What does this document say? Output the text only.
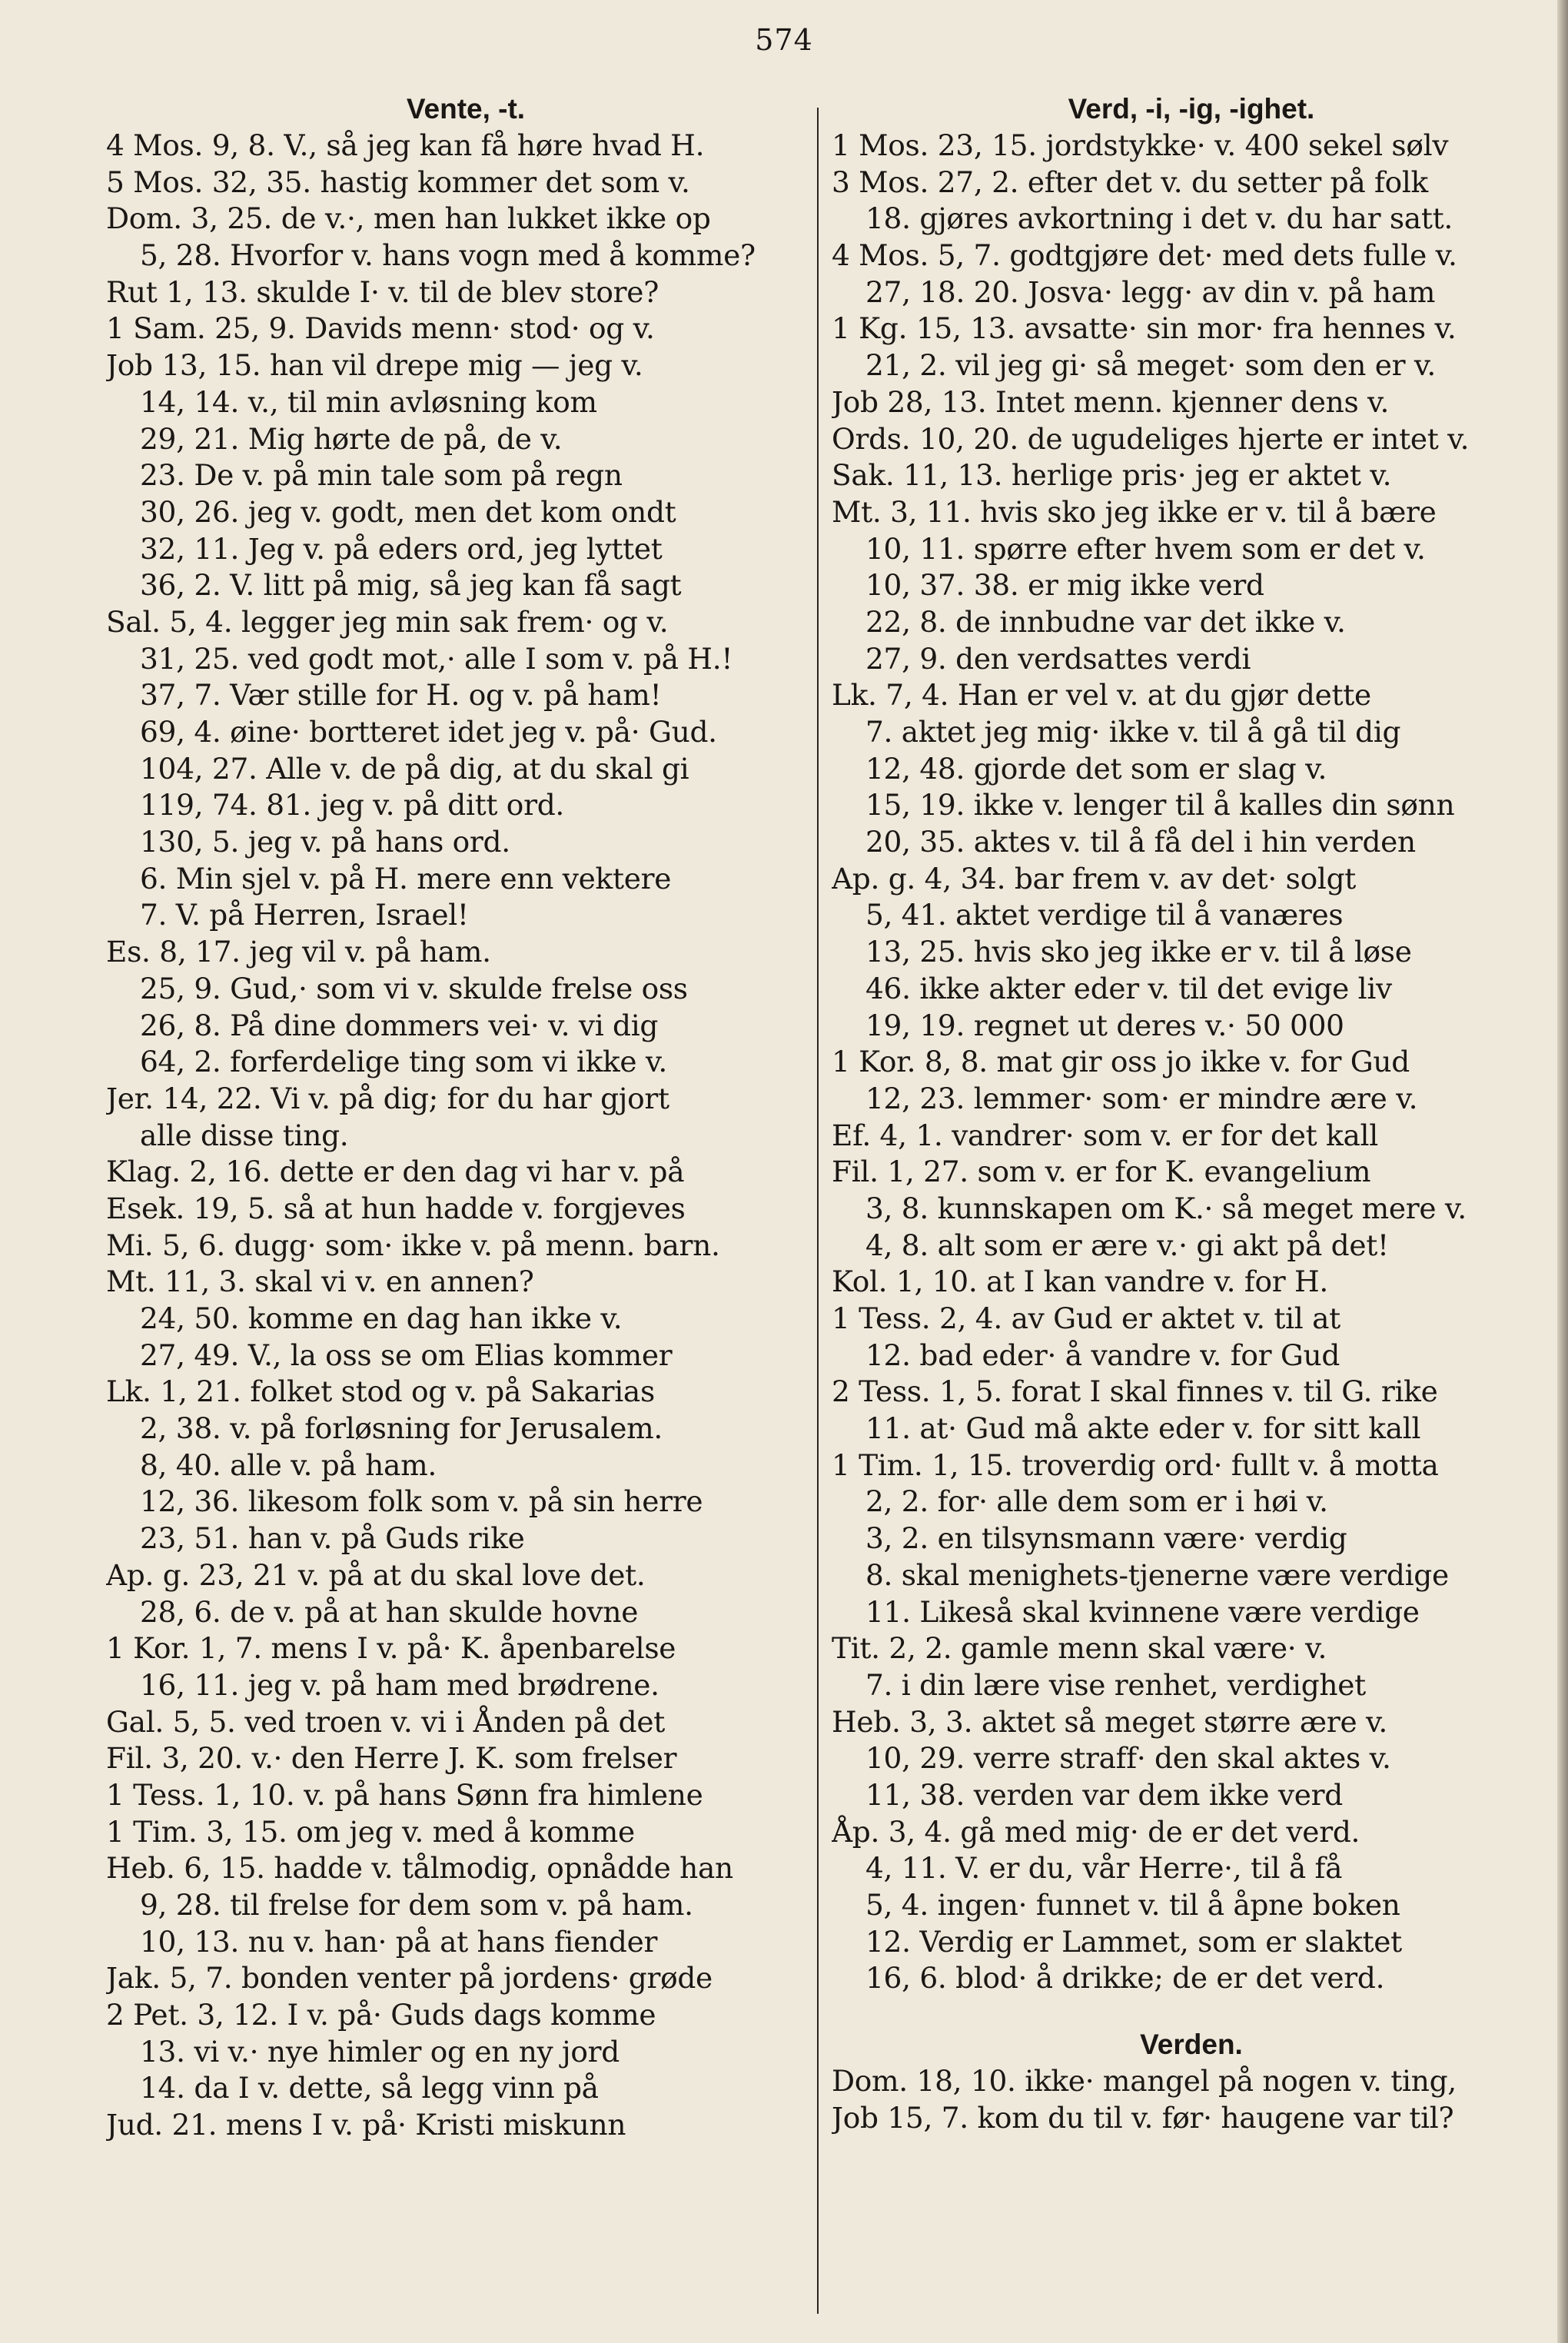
574
Vente, -t.
4 Mos. 9, 8. V., så jeg kan få høre hvad H.
5 Mos. 32, 35. hastig kommer det som v.
Dom. 3, 25. de v.·, men han lukket ikke op
5, 28. Hvorfor v. hans vogn med å komme?
Rut 1, 13. skulde I· v. til de blev store?
1 Sam. 25, 9. Davids menn· stod· og v.
Job 13, 15. han vil drepe mig — jeg v.
14, 14. v., til min avløsning kom
29, 21. Mig hørte de på, de v.
23. De v. på min tale som på regn
30, 26. jeg v. godt, men det kom ondt
32, 11. Jeg v. på eders ord, jeg lyttet
36, 2. V. litt på mig, så jeg kan få sagt
Sal. 5, 4. legger jeg min sak frem· og v.
31, 25. ved godt mot,· alle I som v. på H.!
37, 7. Vær stille for H. og v. på ham!
69, 4. øine· bortteret idet jeg v. på· Gud.
104, 27. Alle v. de på dig, at du skal gi
119, 74. 81. jeg v. på ditt ord.
130, 5. jeg v. på hans ord.
6. Min sjel v. på H. mere enn vektere
7. V. på Herren, Israel!
Es. 8, 17. jeg vil v. på ham.
25, 9. Gud,· som vi v. skulde frelse oss
26, 8. På dine dommers vei· v. vi dig
64, 2. forferdelige ting som vi ikke v.
Jer. 14, 22. Vi v. på dig; for du har gjort
alle disse ting.
Klag. 2, 16. dette er den dag vi har v. på
Esek. 19, 5. så at hun hadde v. forgjeves
Mi. 5, 6. dugg· som· ikke v. på menn. barn.
Mt. 11, 3. skal vi v. en annen?
24, 50. komme en dag han ikke v.
27, 49. V., la oss se om Elias kommer
Lk. 1, 21. folket stod og v. på Sakarias
2, 38. v. på forløsning for Jerusalem.
8, 40. alle v. på ham.
12, 36. likesom folk som v. på sin herre
23, 51. han v. på Guds rike
Ap. g. 23, 21 v. på at du skal love det.
28, 6. de v. på at han skulde hovne
1 Kor. 1, 7. mens I v. på· K. åpenbarelse
16, 11. jeg v. på ham med brødrene.
Gal. 5, 5. ved troen v. vi i Ånden på det
Fil. 3, 20. v.· den Herre J. K. som frelser
1 Tess. 1, 10. v. på hans Sønn fra himlene
1 Tim. 3, 15. om jeg v. med å komme
Heb. 6, 15. hadde v. tålmodig, opnådde han
9, 28. til frelse for dem som v. på ham.
10, 13. nu v. han· på at hans fiender
Jak. 5, 7. bonden venter på jordens· grøde
2 Pet. 3, 12. I v. på· Guds dags komme
13. vi v.· nye himler og en ny jord
14. da I v. dette, så legg vinn på
Jud. 21. mens I v. på· Kristi miskunn
Verd, -i, -ig, -ighet.
1 Mos. 23, 15. jordstykke· v. 400 sekel sølv
3 Mos. 27, 2. efter det v. du setter på folk
18. gjøres avkortning i det v. du har satt.
4 Mos. 5, 7. godtgjøre det· med dets fulle v.
27, 18. 20. Josva· legg· av din v. på ham
1 Kg. 15, 13. avsatte· sin mor· fra hennes v.
21, 2. vil jeg gi· så meget· som den er v.
Job 28, 13. Intet menn. kjenner dens v.
Ords. 10, 20. de ugudeliges hjerte er intet v.
Sak. 11, 13. herlige pris· jeg er aktet v.
Mt. 3, 11. hvis sko jeg ikke er v. til å bære
10, 11. spørre efter hvem som er det v.
10, 37. 38. er mig ikke verd
22, 8. de innbudne var det ikke v.
27, 9. den verdsattes verdi
Lk. 7, 4. Han er vel v. at du gjør dette
7. aktet jeg mig· ikke v. til å gå til dig
12, 48. gjorde det som er slag v.
15, 19. ikke v. lenger til å kalles din sønn
20, 35. aktes v. til å få del i hin verden
Ap. g. 4, 34. bar frem v. av det· solgt
5, 41. aktet verdige til å vanæres
13, 25. hvis sko jeg ikke er v. til å løse
46. ikke akter eder v. til det evige liv
19, 19. regnet ut deres v.· 50 000
1 Kor. 8, 8. mat gir oss jo ikke v. for Gud
12, 23. lemmer· som· er mindre ære v.
Ef. 4, 1. vandrer· som v. er for det kall
Fil. 1, 27. som v. er for K. evangelium
3, 8. kunnskapen om K.· så meget mere v.
4, 8. alt som er ære v.· gi akt på det!
Kol. 1, 10. at I kan vandre v. for H.
1 Tess. 2, 4. av Gud er aktet v. til at
12. bad eder· å vandre v. for Gud
2 Tess. 1, 5. forat I skal finnes v. til G. rike
11. at· Gud må akte eder v. for sitt kall
1 Tim. 1, 15. troverdig ord· fullt v. å motta
2, 2. for· alle dem som er i høi v.
3, 2. en tilsynsmann være· verdig
8. skal menighets-tjenerne være verdige
11. Likeså skal kvinnene være verdige
Tit. 2, 2. gamle menn skal være· v.
7. i din lære vise renhet, verdighet
Heb. 3, 3. aktet så meget større ære v.
10, 29. verre straff· den skal aktes v.
11, 38. verden var dem ikke verd
Åp. 3, 4. gå med mig· de er det verd.
4, 11. V. er du, vår Herre·, til å få
5, 4. ingen· funnet v. til å åpne boken
12. Verdig er Lammet, som er slaktet
16, 6. blod· å drikke; de er det verd.
Verden.
Dom. 18, 10. ikke· mangel på nogen v. ting,
Job 15, 7. kom du til v. før· haugene var til?
